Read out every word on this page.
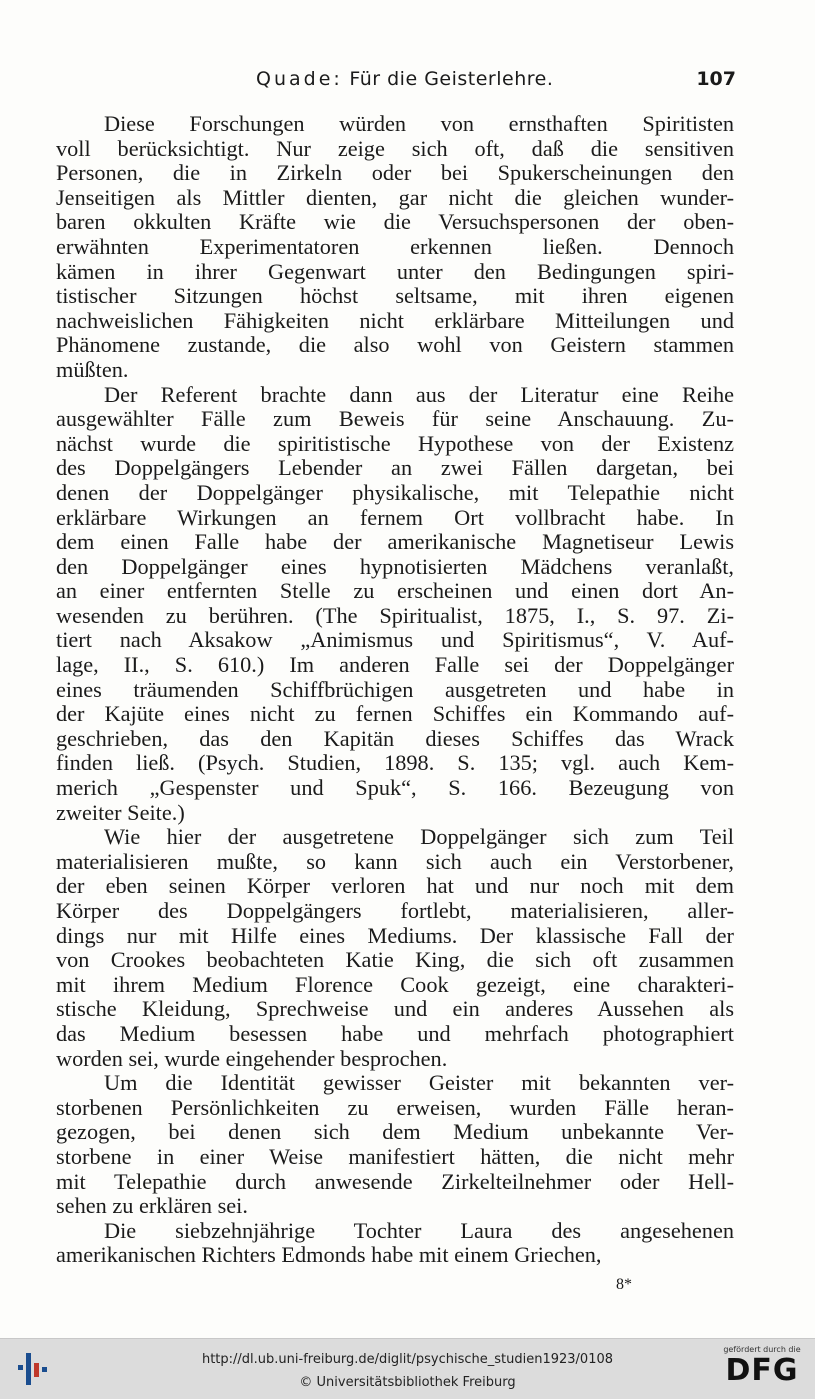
Quade: Für die Geisterlehre.	107
Diese Forschungen würden von ernsthaften Spiritisten
voll berücksichtigt. Nur zeige sich oft, daß die sensitiven
Personen, die in Zirkeln oder bei Spukerscheinungen den
Jenseitigen als Mittler dienten, gar nicht die gleichen wunder-
baren okkulten Kräfte wie die Versuchspersonen der oben-
erwähnten Experimentatoren erkennen ließen. Dennoch
kämen in ihrer Gegenwart unter den Bedingungen spiri-
tistischer Sitzungen höchst seltsame, mit ihren eigenen
nachweislichen Fähigkeiten nicht erklärbare Mitteilungen und
Phänomene zustande, die also wohl von Geistern stammen
müßten.
Der Referent brachte dann aus der Literatur eine Reihe
ausgewählter Fälle zum Beweis für seine Anschauung. Zu-
nächst wurde die spiritistische Hypothese von der Existenz
des Doppelgängers Lebender an zwei Fällen dargetan, bei
denen der Doppelgänger physikalische, mit Telepathie nicht
erklärbare Wirkungen an fernem Ort vollbracht habe. In
dem einen Falle habe der amerikanische Magnetiseur Lewis
den Doppelgänger eines hypnotisierten Mädchens veranlaßt,
an einer entfernten Stelle zu erscheinen und einen dort An-
wesenden zu berühren. (The Spiritualist, 1875, I., S. 97. Zi-
tiert nach Aksakow „Animismus und Spiritismus“, V. Auf-
lage, II., S. 610.) Im anderen Falle sei der Doppelgänger
eines träumenden Schiffbrüchigen ausgetreten und habe in
der Kajüte eines nicht zu fernen Schiffes ein Kommando auf-
geschrieben, das den Kapitän dieses Schiffes das Wrack
finden ließ. (Psych. Studien, 1898. S. 135; vgl. auch Kem-
merich „Gespenster und Spuk“, S. 166. Bezeugung von
zweiter Seite.)
Wie hier der ausgetretene Doppelgänger sich zum Teil
materialisieren mußte, so kann sich auch ein Verstorbener,
der eben seinen Körper verloren hat und nur noch mit dem
Körper des Doppelgängers fortlebt, materialisieren, aller-
dings nur mit Hilfe eines Mediums. Der klassische Fall der
von Crookes beobachteten Katie King, die sich oft zusammen
mit ihrem Medium Florence Cook gezeigt, eine charakteri-
stische Kleidung, Sprechweise und ein anderes Aussehen als
das Medium besessen habe und mehrfach photographiert
worden sei, wurde eingehender besprochen.
Um die Identität gewisser Geister mit bekannten ver-
storbenen Persönlichkeiten zu erweisen, wurden Fälle heran-
gezogen, bei denen sich dem Medium unbekannte Ver-
storbene in einer Weise manifestiert hätten, die nicht mehr
mit Telepathie durch anwesende Zirkelteilnehmer oder Hell-
sehen zu erklären sei.
Die siebzehnjährige Tochter Laura des angesehenen
amerikanischen Richters Edmonds habe mit einem Griechen,
8*
http://dl.ub.uni-freiburg.de/diglit/psychische_studien1923/0108
© Universitätsbibliothek Freiburg
gefördert durch die
DFG
